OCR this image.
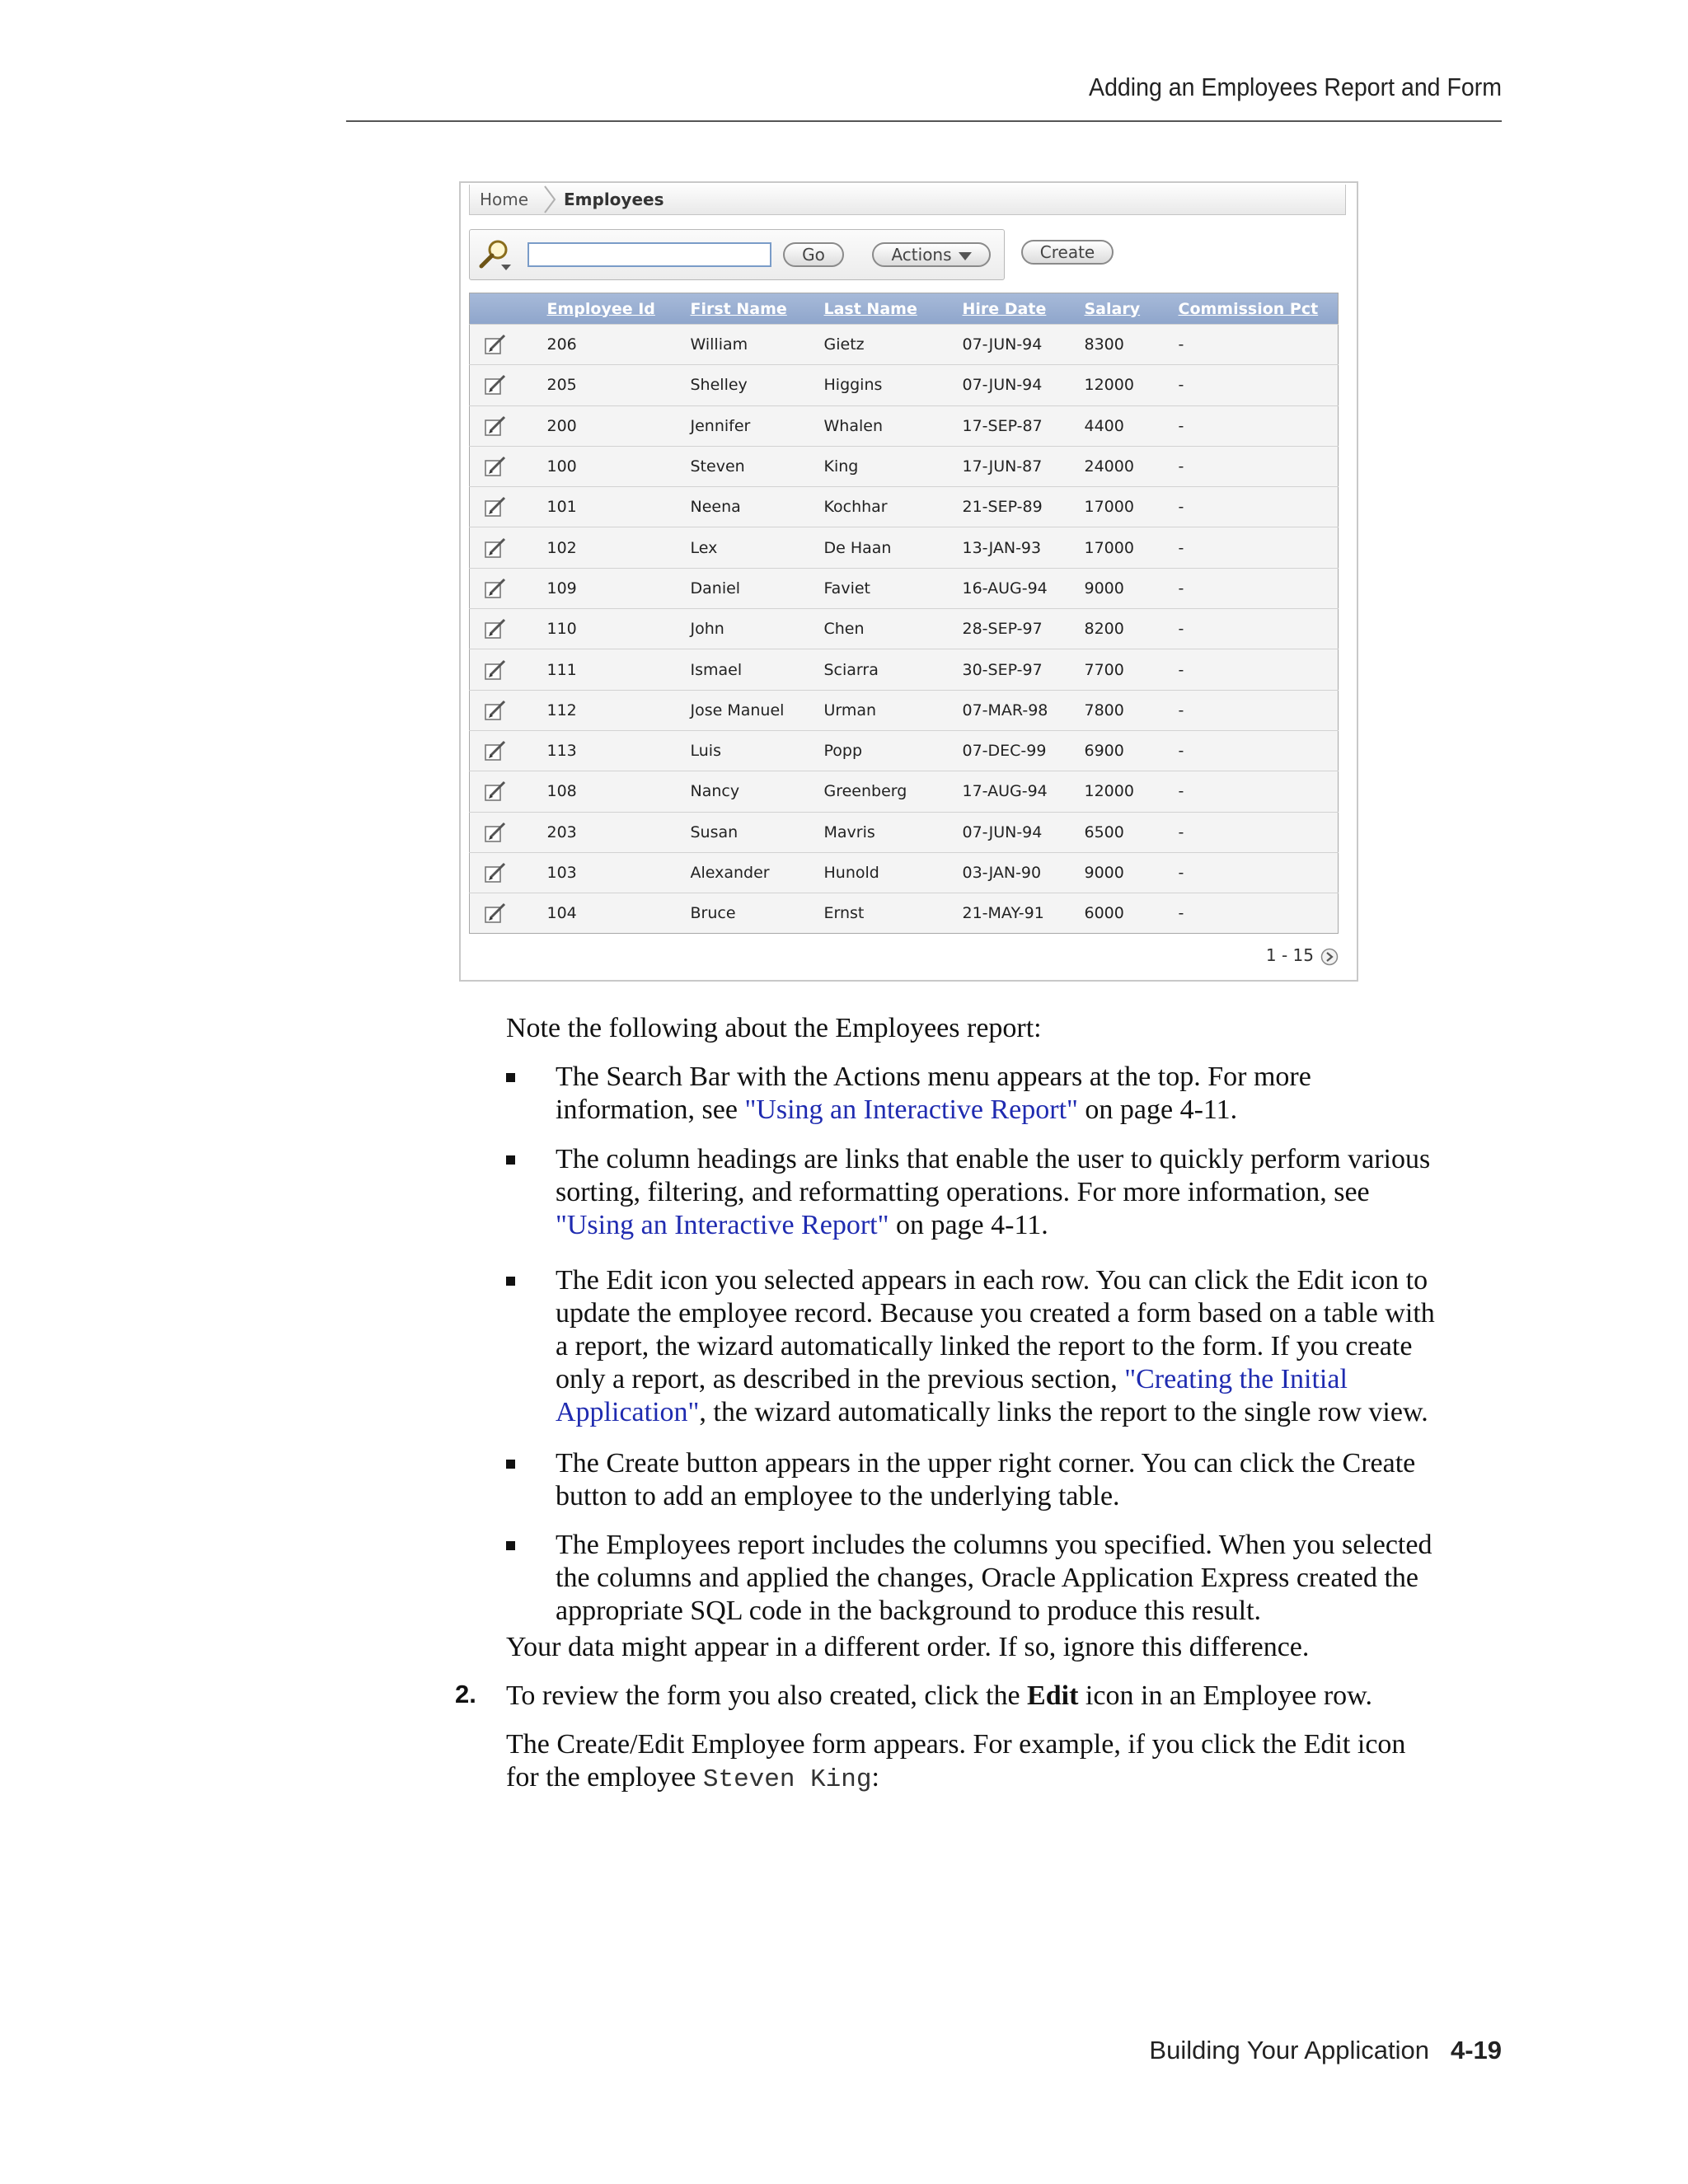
Adding an Employees Report and Form
Home Employees
Go	Actions	Create
	Employee Id	First Name	Last Name	Hire Date	Salary	Commission Pct

	206	William	Gietz	07-JUN-94	8300	-

	205	Shelley	Higgins	07-JUN-94	12000	-

	200	Jennifer	Whalen	17-SEP-87	4400	-

	100	Steven	King	17-JUN-87	24000	-

	101	Neena	Kochhar	21-SEP-89	17000	-

	102	Lex	De Haan	13-JAN-93	17000	-

	109	Daniel	Faviet	16-AUG-94	9000	-

	110	John	Chen	28-SEP-97	8200	-

	111	Ismael	Sciarra	30-SEP-97	7700	-

	112	Jose Manuel	Urman	07-MAR-98	7800	-

	113	Luis	Popp	07-DEC-99	6900	-

	108	Nancy	Greenberg	17-AUG-94	12000	-

	203	Susan	Mavris	07-JUN-94	6500	-

	103	Alexander	Hunold	03-JAN-90	9000	-

	104	Bruce	Ernst	21-MAY-91	6000	-
1 - 15
Note the following about the Employees report:
The Search Bar with the Actions menu appears at the top. For more
information, see "Using an Interactive Report" on page 4-11.
The column headings are links that enable the user to quickly perform various
sorting, filtering, and reformatting operations. For more information, see
"Using an Interactive Report" on page 4-11.
The Edit icon you selected appears in each row. You can click the Edit icon to
update the employee record. Because you created a form based on a table with
a report, the wizard automatically linked the report to the form. If you create
only a report, as described in the previous section, "Creating the Initial
Application", the wizard automatically links the report to the single row view.
The Create button appears in the upper right corner. You can click the Create
button to add an employee to the underlying table.
The Employees report includes the columns you specified. When you selected
the columns and applied the changes, Oracle Application Express created the
appropriate SQL code in the background to produce this result.
Your data might appear in a different order. If so, ignore this difference.
2. To review the form you also created, click the Edit icon in an Employee row.
The Create/Edit Employee form appears. For example, if you click the Edit icon
for the employee Steven King:
Building Your Application 4-19
